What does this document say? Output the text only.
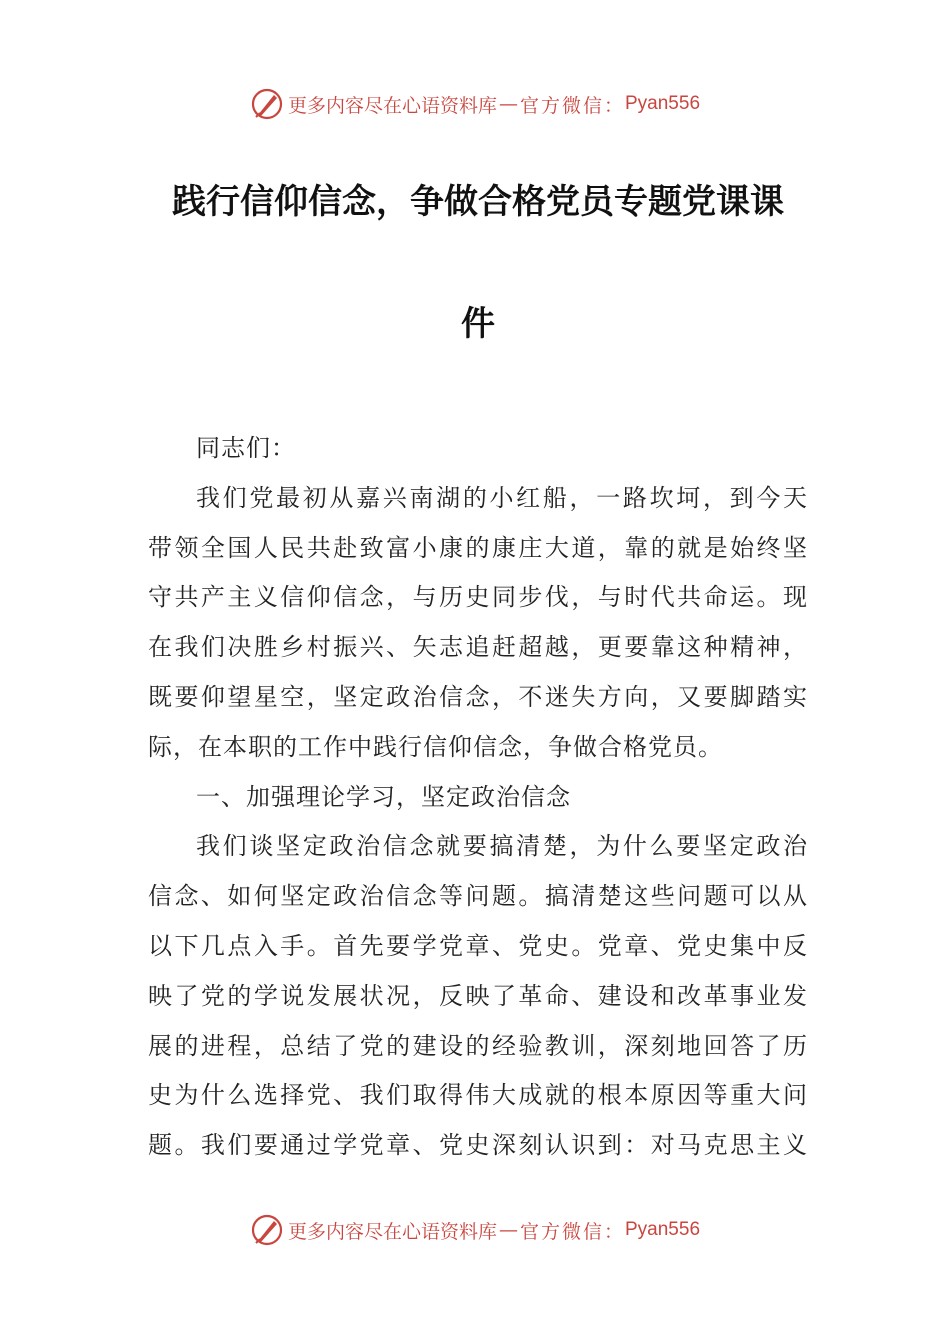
更多内容尽在心语资料库 — 官方微信： Pyan556
践行信仰信念，争做合格党员专题党课课
件
同志们：
我们党最初从嘉兴南湖的小红船，一路坎坷，到今天
带领全国人民共赴致富小康的康庄大道，靠的就是始终坚
守共产主义信仰信念，与历史同步伐，与时代共命运。现
在我们决胜乡村振兴、矢志追赶超越，更要靠这种精神，
既要仰望星空，坚定政治信念，不迷失方向，又要脚踏实
际，在本职的工作中践行信仰信念，争做合格党员。
一、加强理论学习，坚定政治信念
我们谈坚定政治信念就要搞清楚，为什么要坚定政治
信念、如何坚定政治信念等问题。搞清楚这些问题可以从
以下几点入手。首先要学党章、党史。党章、党史集中反
映了党的学说发展状况，反映了革命、建设和改革事业发
展的进程，总结了党的建设的经验教训，深刻地回答了历
史为什么选择党、我们取得伟大成就的根本原因等重大问
题。我们要通过学党章、党史深刻认识到：对马克思主义
更多内容尽在心语资料库 — 官方微信： Pyan556
